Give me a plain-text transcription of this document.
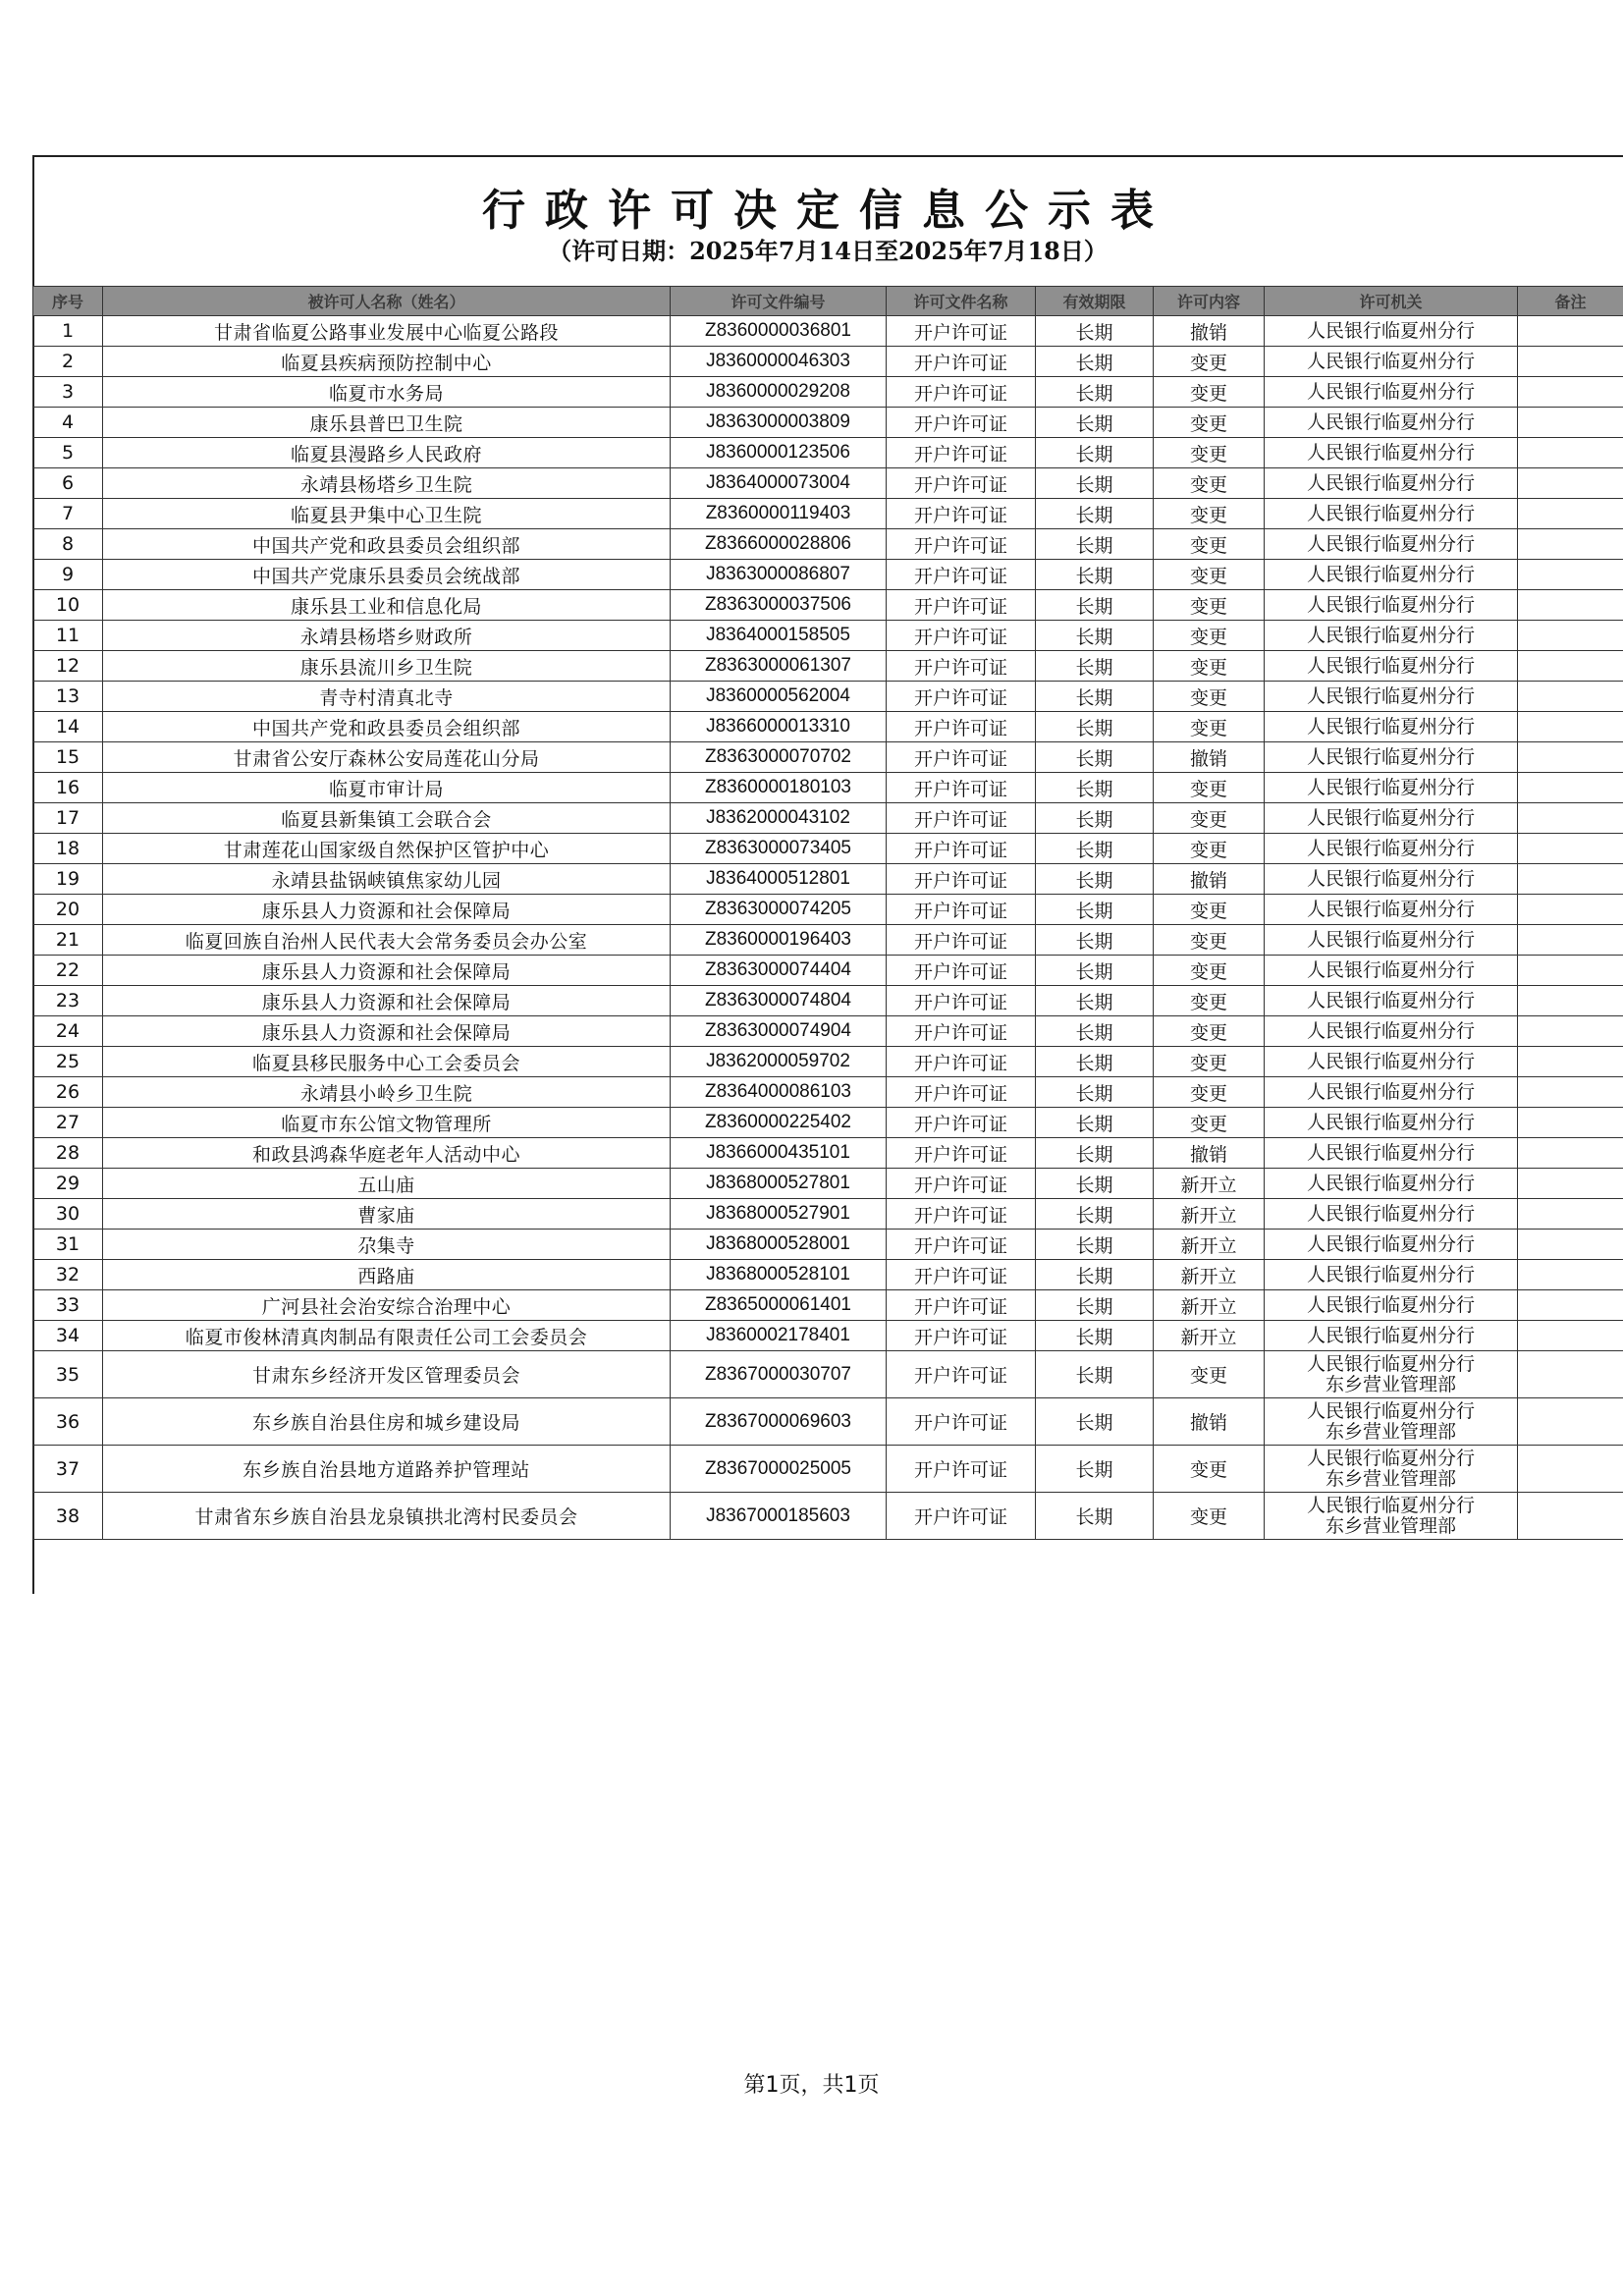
行政许可决定信息公示表
（许可日期：2025年7月14日至2025年7月18日）
序号	被许可人名称（姓名）	许可文件编号	许可文件名称	有效期限	许可内容	许可机关	备注
1	甘肃省临夏公路事业发展中心临夏公路段	Z8360000036801	开户许可证	长期	撤销	人民银行临夏州分行	

2	临夏县疾病预防控制中心	J8360000046303	开户许可证	长期	变更	人民银行临夏州分行	

3	临夏市水务局	J8360000029208	开户许可证	长期	变更	人民银行临夏州分行	

4	康乐县普巴卫生院	J8363000003809	开户许可证	长期	变更	人民银行临夏州分行	

5	临夏县漫路乡人民政府	J8360000123506	开户许可证	长期	变更	人民银行临夏州分行	

6	永靖县杨塔乡卫生院	J8364000073004	开户许可证	长期	变更	人民银行临夏州分行	

7	临夏县尹集中心卫生院	Z8360000119403	开户许可证	长期	变更	人民银行临夏州分行	

8	中国共产党和政县委员会组织部	Z8366000028806	开户许可证	长期	变更	人民银行临夏州分行	

9	中国共产党康乐县委员会统战部	J8363000086807	开户许可证	长期	变更	人民银行临夏州分行	

10	康乐县工业和信息化局	Z8363000037506	开户许可证	长期	变更	人民银行临夏州分行	

11	永靖县杨塔乡财政所	J8364000158505	开户许可证	长期	变更	人民银行临夏州分行	

12	康乐县流川乡卫生院	Z8363000061307	开户许可证	长期	变更	人民银行临夏州分行	

13	青寺村清真北寺	J8360000562004	开户许可证	长期	变更	人民银行临夏州分行	

14	中国共产党和政县委员会组织部	J8366000013310	开户许可证	长期	变更	人民银行临夏州分行	

15	甘肃省公安厅森林公安局莲花山分局	Z8363000070702	开户许可证	长期	撤销	人民银行临夏州分行	

16	临夏市审计局	Z8360000180103	开户许可证	长期	变更	人民银行临夏州分行	

17	临夏县新集镇工会联合会	J8362000043102	开户许可证	长期	变更	人民银行临夏州分行	

18	甘肃莲花山国家级自然保护区管护中心	Z8363000073405	开户许可证	长期	变更	人民银行临夏州分行	

19	永靖县盐锅峡镇焦家幼儿园	J8364000512801	开户许可证	长期	撤销	人民银行临夏州分行	

20	康乐县人力资源和社会保障局	Z8363000074205	开户许可证	长期	变更	人民银行临夏州分行	

21	临夏回族自治州人民代表大会常务委员会办公室	Z8360000196403	开户许可证	长期	变更	人民银行临夏州分行	

22	康乐县人力资源和社会保障局	Z8363000074404	开户许可证	长期	变更	人民银行临夏州分行	

23	康乐县人力资源和社会保障局	Z8363000074804	开户许可证	长期	变更	人民银行临夏州分行	

24	康乐县人力资源和社会保障局	Z8363000074904	开户许可证	长期	变更	人民银行临夏州分行	

25	临夏县移民服务中心工会委员会	J8362000059702	开户许可证	长期	变更	人民银行临夏州分行	

26	永靖县小岭乡卫生院	Z8364000086103	开户许可证	长期	变更	人民银行临夏州分行	

27	临夏市东公馆文物管理所	Z8360000225402	开户许可证	长期	变更	人民银行临夏州分行	

28	和政县鸿森华庭老年人活动中心	J8366000435101	开户许可证	长期	撤销	人民银行临夏州分行	

29	五山庙	J8368000527801	开户许可证	长期	新开立	人民银行临夏州分行	

30	曹家庙	J8368000527901	开户许可证	长期	新开立	人民银行临夏州分行	

31	尕集寺	J8368000528001	开户许可证	长期	新开立	人民银行临夏州分行	

32	西路庙	J8368000528101	开户许可证	长期	新开立	人民银行临夏州分行	

33	广河县社会治安综合治理中心	Z8365000061401	开户许可证	长期	新开立	人民银行临夏州分行	

34	临夏市俊林清真肉制品有限责任公司工会委员会	J8360002178401	开户许可证	长期	新开立	人民银行临夏州分行	

35	甘肃东乡经济开发区管理委员会	Z8367000030707	开户许可证	长期	变更	人民银行临夏州分行
东乡营业管理部	

36	东乡族自治县住房和城乡建设局	Z8367000069603	开户许可证	长期	撤销	人民银行临夏州分行
东乡营业管理部	

37	东乡族自治县地方道路养护管理站	Z8367000025005	开户许可证	长期	变更	人民银行临夏州分行
东乡营业管理部	

38	甘肃省东乡族自治县龙泉镇拱北湾村民委员会	J8367000185603	开户许可证	长期	变更	人民银行临夏州分行
东乡营业管理部	

第1页，共1页
